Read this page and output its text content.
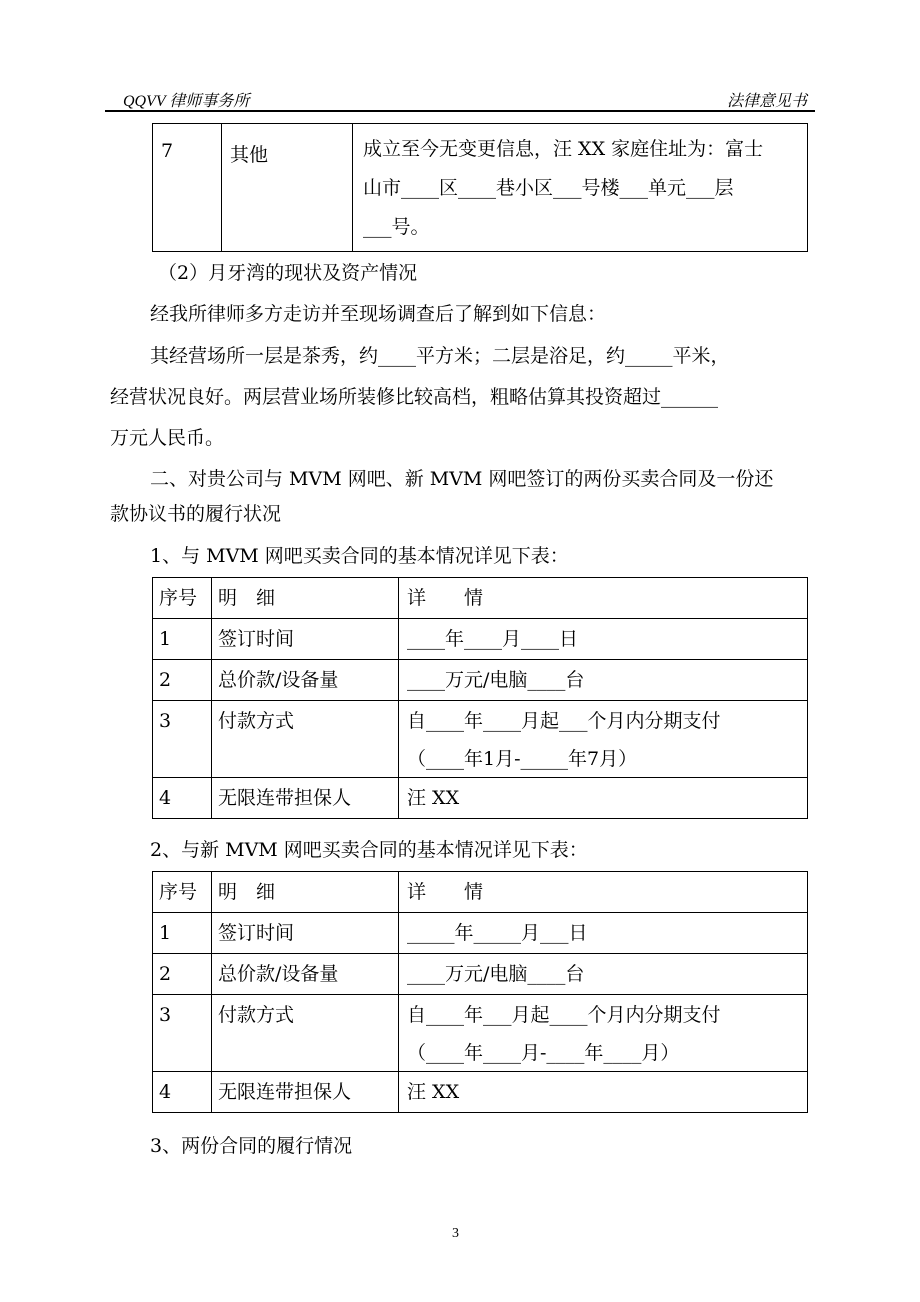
QQVV 律师事务所	法律意见书
7	其他	成立至今无变更信息，汪 XX 家庭住址为：富士
山市____区____巷小区___号楼___单元___层
___号。
（2）月牙湾的现状及资产情况
经我所律师多方走访并至现场调查后了解到如下信息：
其经营场所一层是茶秀，约____平方米；二层是浴足，约_____平米，
经营状况良好。两层营业场所装修比较高档，粗略估算其投资超过______
万元人民币。
二、对贵公司与 MVM 网吧、新 MVM 网吧签订的两份买卖合同及一份还
款协议书的履行状况
1、与 MVM 网吧买卖合同的基本情况详见下表：
序号	明　细	详　　情
1	签订时间	____年____月____日
2	总价款/设备量	____万元/电脑____台
3	付款方式	自____年____月起___个月内分期支付
（____年1月-_____年7月）

4	无限连带担保人	汪 XX
2、与新 MVM 网吧买卖合同的基本情况详见下表：
序号	明　细	详　　情
1	签订时间	_____年_____月___日
2	总价款/设备量	____万元/电脑____台
3	付款方式	自____年___月起____个月内分期支付
（____年____月-____年____月）

4	无限连带担保人	汪 XX
3、两份合同的履行情况
3
